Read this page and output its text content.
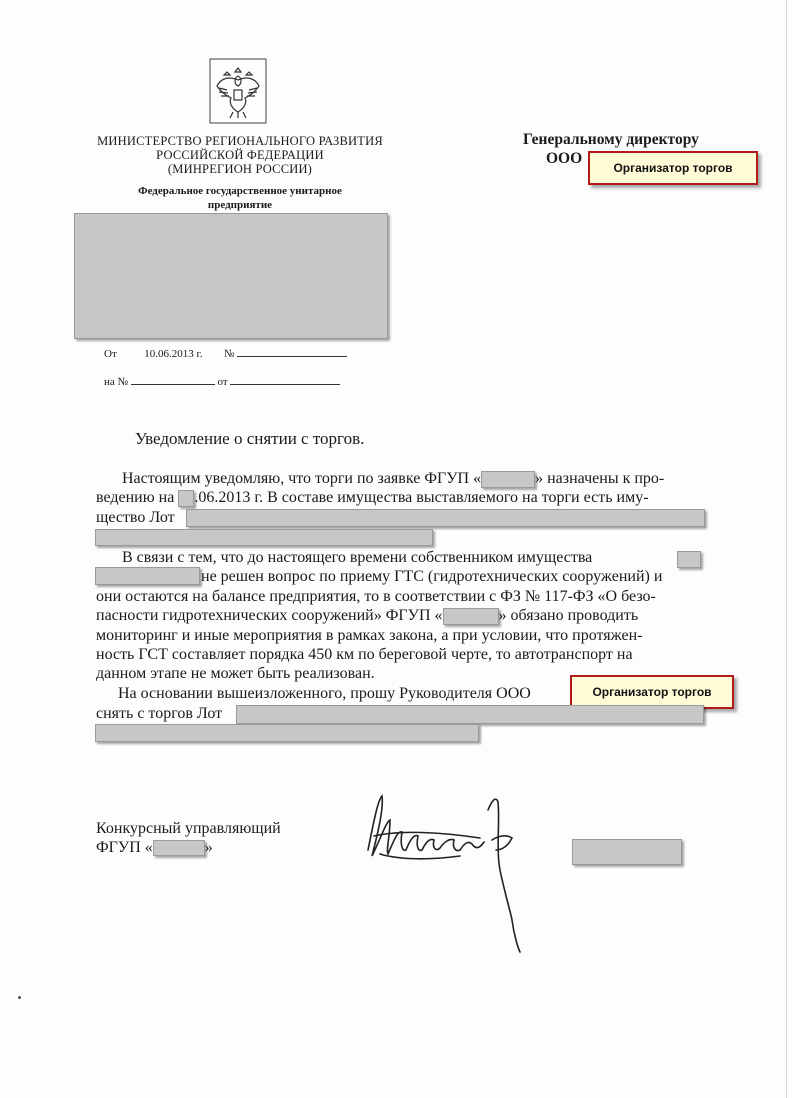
МИНИСТЕРСТВО РЕГИОНАЛЬНОГО РАЗВИТИЯ
РОССИЙСКОЙ ФЕДЕРАЦИИ
(МИНРЕГИОН РОССИИ)
Федеральное государственное унитарное
предприятие
От	10.06.2013 г. №
на №	от
Генеральному директору
ООО
Организатор торгов
Уведомление о снятии с торгов.
Настоящим уведомляю, что торги по заявке ФГУП «	» назначены к про-
ведению на .06.2013 г. В составе имущества выставляемого на торги есть иму-
щество Лот
В связи с тем, что до настоящего времени собственником имущества
не решен вопрос по приему ГТС (гидротехнических сооружений) и
они остаются на балансе предприятия, то в соответствии с ФЗ № 117-ФЗ «О безо-
пасности гидротехнических сооружений» ФГУП «	» обязано проводить
мониторинг и иные мероприятия в рамках закона, а при условии, что протяжен-
ность ГСТ составляет порядка 450 км по береговой черте, то автотранспорт на
данном этапе не может быть реализован.
На основании вышеизложенного, прошу Руководителя ООО	Организатор торгов
снять с торгов Лот
Конкурсный управляющий
ФГУП «	»
